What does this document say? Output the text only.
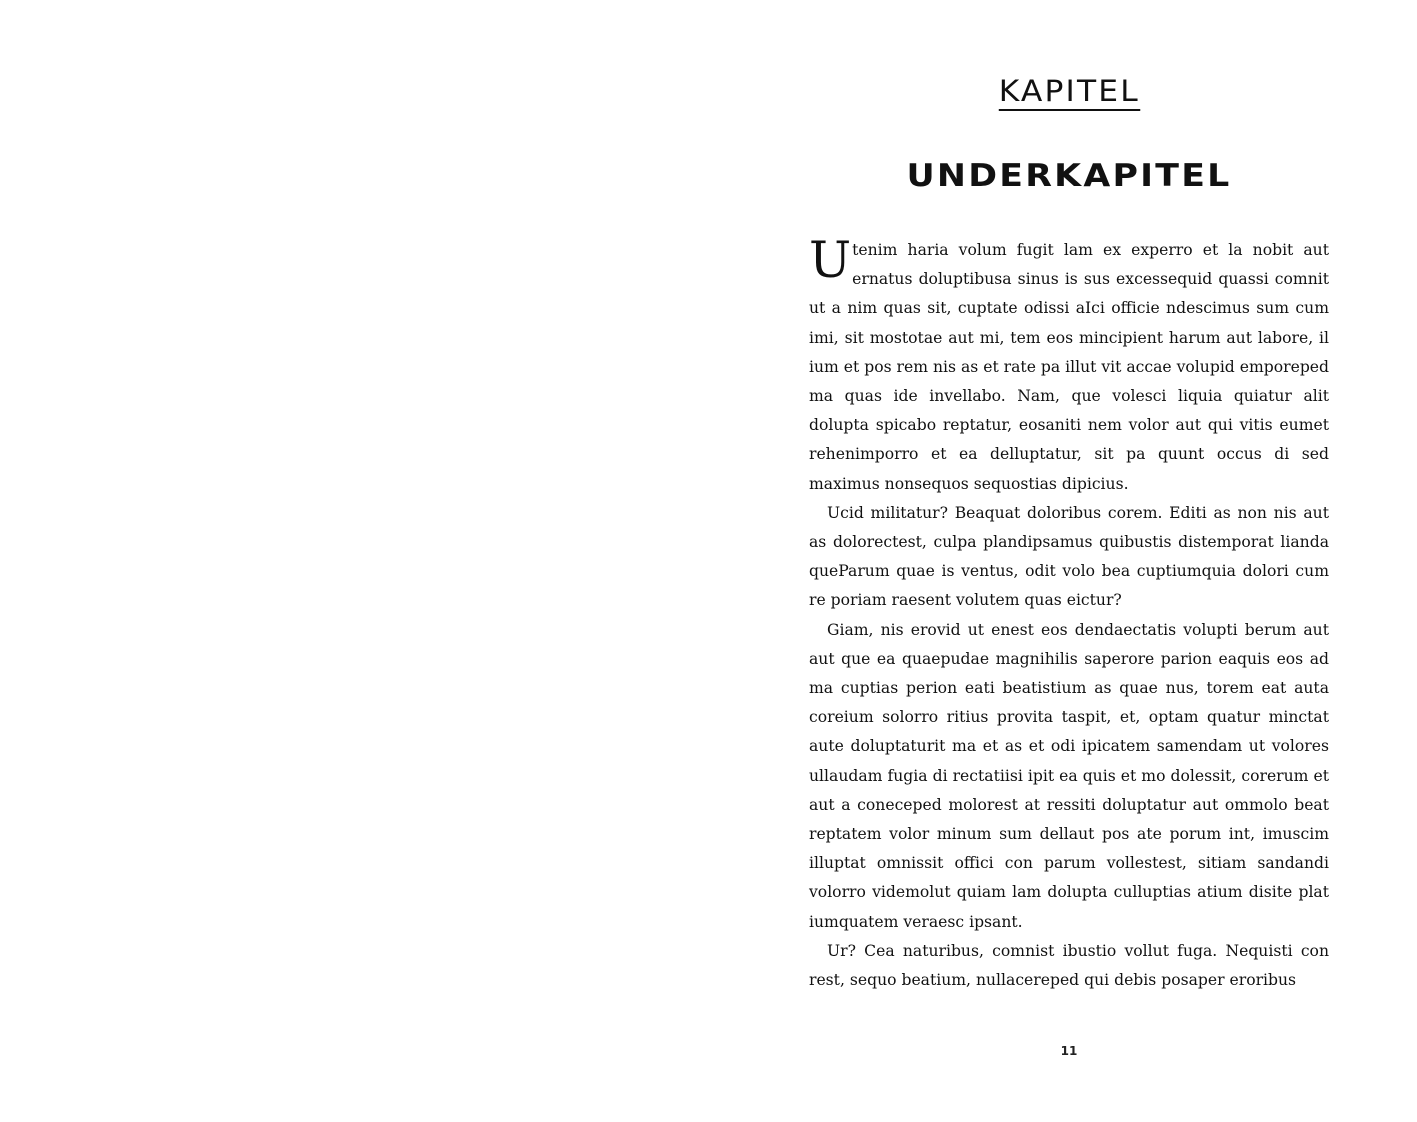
KAPITEL
UNDERKAPITEL

Utenim haria volum fugit lam ex experro et la nobit aut ernatus doluptibusa sinus is sus excessequid quassi comnit ut a nim quas sit, cuptate odissi aIci officie ndescimus sum cum imi, sit mostotae aut mi, tem eos mincipient harum aut labore, il ium et pos rem nis as et rate pa illut vit accae volupid emporeped ma quas ide invellabo. Nam, que volesci liquia quiatur alit dolupta spicabo reptatur, eosaniti nem volor aut qui vitis eumet rehenimporro et ea delluptatur, sit pa quunt occus di sed maximus nonsequos sequostias dipicius.

Ucid militatur? Beaquat doloribus corem. Editi as non nis aut as dolorectest, culpa plandipsamus quibustis distemporat lianda queParum quae is ventus, odit volo bea cuptiumquia dolori cum re poriam raesent volutem quas eictur?

Giam, nis erovid ut enest eos dendaectatis volupti berum aut aut que ea quaepudae magnihilis saperore parion eaquis eos ad ma cuptias perion eati beatistium as quae nus, torem eat auta coreium solorro ritius provita taspit, et, optam quatur minctat aute doluptaturit ma et as et odi ipicatem samendam ut volores ullaudam fugia di rectatiisi ipit ea quis et mo dolessit, corerum et aut a coneceped molorest at ressiti doluptatur aut ommolo beat reptatem volor minum sum dellaut pos ate porum int, imuscim illuptat omnissit offici con parum vollestest, sitiam sandandi volorro videmolut quiam lam dolupta culluptias atium disite plat iumquatem veraesc ipsant.

Ur? Cea naturibus, comnist ibustio vollut fuga. Nequisti con rest, sequo beatium, nullacereped qui debis posaper eroribus

11
